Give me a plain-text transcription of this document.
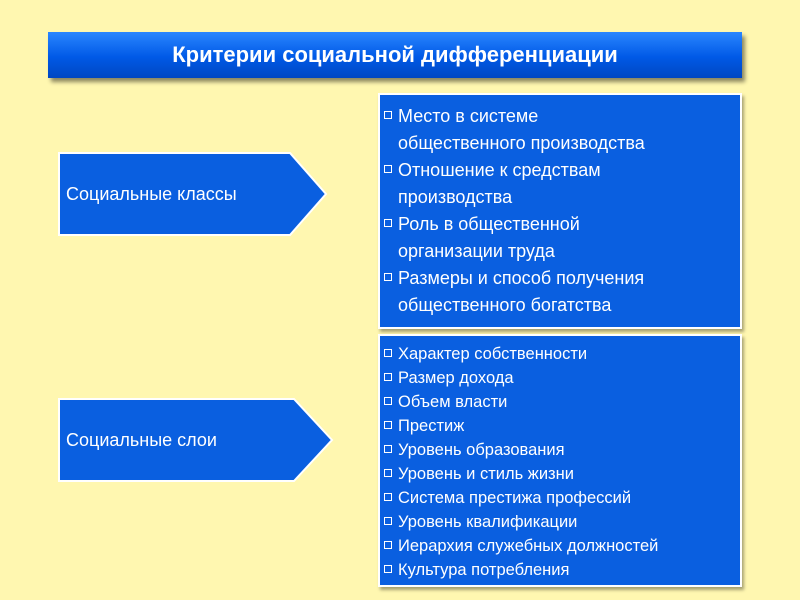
Критерии социальной дифференциации
Социальные классы
Социальные слои
Место в системе
общественного производства
Отношение к средствам
производства
Роль в общественной
организации труда
Размеры и способ получения
общественного богатства
Характер собственности
Размер дохода
Объем власти
Престиж
Уровень образования
Уровень и стиль жизни
Система престижа профессий
Уровень квалификации
Иерархия служебных должностей
Культура потребления
